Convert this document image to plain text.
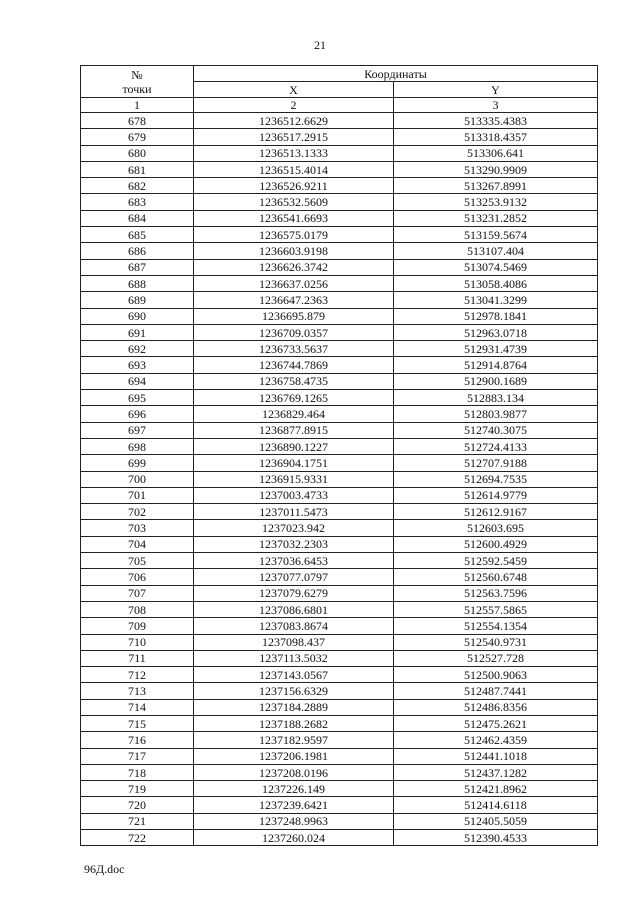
21
№
точки	Координаты	
	X	Y
1	2	3
678	1236512.6629	513335.4383
679	1236517.2915	513318.4357
680	1236513.1333	513306.641
681	1236515.4014	513290.9909
682	1236526.9211	513267.8991
683	1236532.5609	513253.9132
684	1236541.6693	513231.2852
685	1236575.0179	513159.5674
686	1236603.9198	513107.404
687	1236626.3742	513074.5469
688	1236637.0256	513058.4086
689	1236647.2363	513041.3299
690	1236695.879	512978.1841
691	1236709.0357	512963.0718
692	1236733.5637	512931.4739
693	1236744.7869	512914.8764
694	1236758.4735	512900.1689
695	1236769.1265	512883.134
696	1236829.464	512803.9877
697	1236877.8915	512740.3075
698	1236890.1227	512724.4133
699	1236904.1751	512707.9188
700	1236915.9331	512694.7535
701	1237003.4733	512614.9779
702	1237011.5473	512612.9167
703	1237023.942	512603.695
704	1237032.2303	512600.4929
705	1237036.6453	512592.5459
706	1237077.0797	512560.6748
707	1237079.6279	512563.7596
708	1237086.6801	512557.5865
709	1237083.8674	512554.1354
710	1237098.437	512540.9731
711	1237113.5032	512527.728
712	1237143.0567	512500.9063
713	1237156.6329	512487.7441
714	1237184.2889	512486.8356
715	1237188.2682	512475.2621
716	1237182.9597	512462.4359
717	1237206.1981	512441.1018
718	1237208.0196	512437.1282
719	1237226.149	512421.8962
720	1237239.6421	512414.6118
721	1237248.9963	512405.5059
722	1237260.024	512390.4533
96Д.doc
